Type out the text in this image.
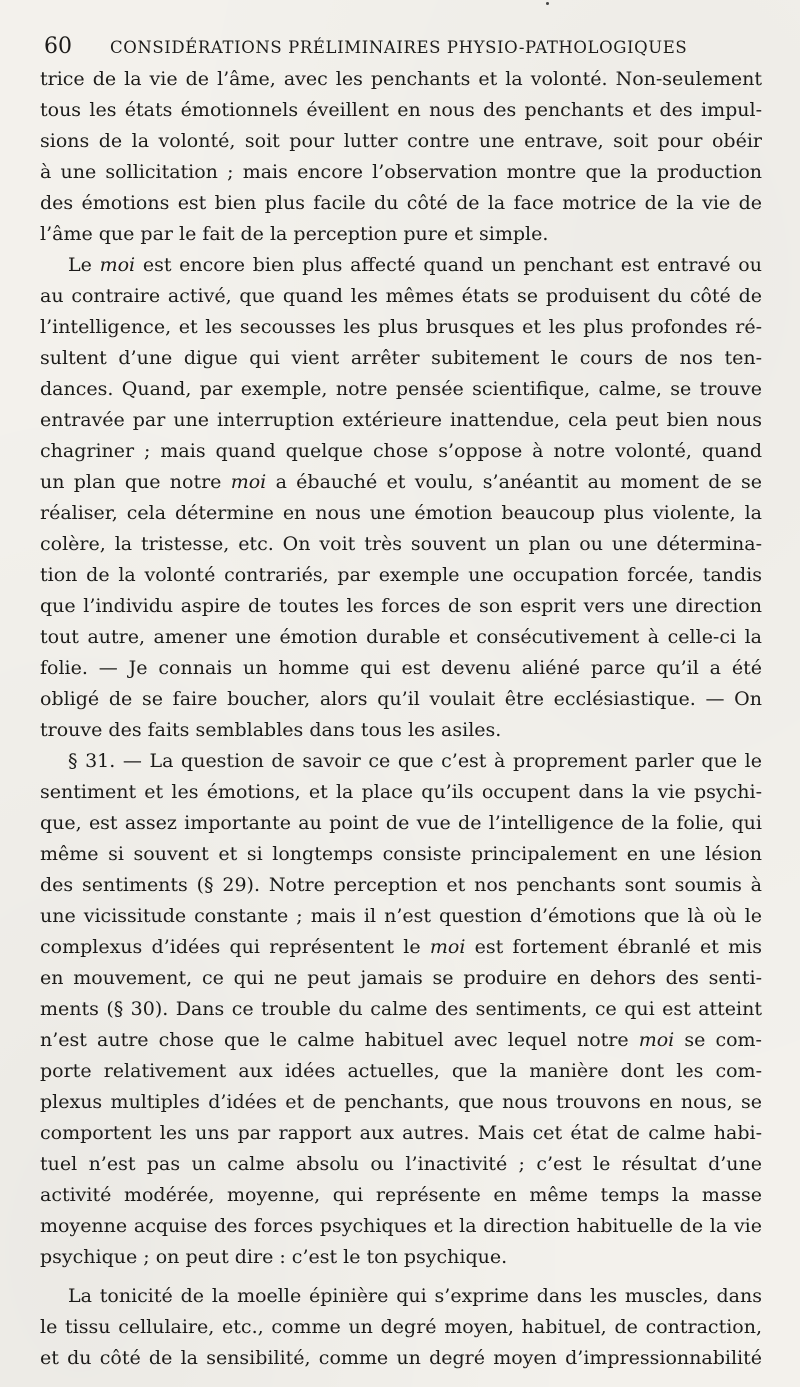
60	CONSIDÉRATIONS PRÉLIMINAIRES PHYSIO-PATHOLOGIQUES
trice de la vie de l’âme, avec les penchants et la volonté. Non-seulement
tous les états émotionnels éveillent en nous des penchants et des impul-
sions de la volonté, soit pour lutter contre une entrave, soit pour obéir
à une sollicitation ; mais encore l’observation montre que la production
des émotions est bien plus facile du côté de la face motrice de la vie de
l’âme que par le fait de la perception pure et simple.
Le moi est encore bien plus affecté quand un penchant est entravé ou
au contraire activé, que quand les mêmes états se produisent du côté de
l’intelligence, et les secousses les plus brusques et les plus profondes ré-
sultent d’une digue qui vient arrêter subitement le cours de nos ten-
dances. Quand, par exemple, notre pensée scientifique, calme, se trouve
entravée par une interruption extérieure inattendue, cela peut bien nous
chagriner ; mais quand quelque chose s’oppose à notre volonté, quand
un plan que notre moi a ébauché et voulu, s’anéantit au moment de se
réaliser, cela détermine en nous une émotion beaucoup plus violente, la
colère, la tristesse, etc. On voit très souvent un plan ou une détermina-
tion de la volonté contrariés, par exemple une occupation forcée, tandis
que l’individu aspire de toutes les forces de son esprit vers une direction
tout autre, amener une émotion durable et consécutivement à celle-ci la
folie. — Je connais un homme qui est devenu aliéné parce qu’il a été
obligé de se faire boucher, alors qu’il voulait être ecclésiastique. — On
trouve des faits semblables dans tous les asiles.
§ 31. — La question de savoir ce que c’est à proprement parler que le
sentiment et les émotions, et la place qu’ils occupent dans la vie psychi-
que, est assez importante au point de vue de l’intelligence de la folie, qui
même si souvent et si longtemps consiste principalement en une lésion
des sentiments (§ 29). Notre perception et nos penchants sont soumis à
une vicissitude constante ; mais il n’est question d’émotions que là où le
complexus d’idées qui représentent le moi est fortement ébranlé et mis
en mouvement, ce qui ne peut jamais se produire en dehors des senti-
ments (§ 30). Dans ce trouble du calme des sentiments, ce qui est atteint
n’est autre chose que le calme habituel avec lequel notre moi se com-
porte relativement aux idées actuelles, que la manière dont les com-
plexus multiples d’idées et de penchants, que nous trouvons en nous, se
comportent les uns par rapport aux autres. Mais cet état de calme habi-
tuel n’est pas un calme absolu ou l’inactivité ; c’est le résultat d’une
activité modérée, moyenne, qui représente en même temps la masse
moyenne acquise des forces psychiques et la direction habituelle de la vie
psychique ; on peut dire : c’est le ton psychique.
La tonicité de la moelle épinière qui s’exprime dans les muscles, dans
le tissu cellulaire, etc., comme un degré moyen, habituel, de contraction,
et du côté de la sensibilité, comme un degré moyen d’impressionnabilité
